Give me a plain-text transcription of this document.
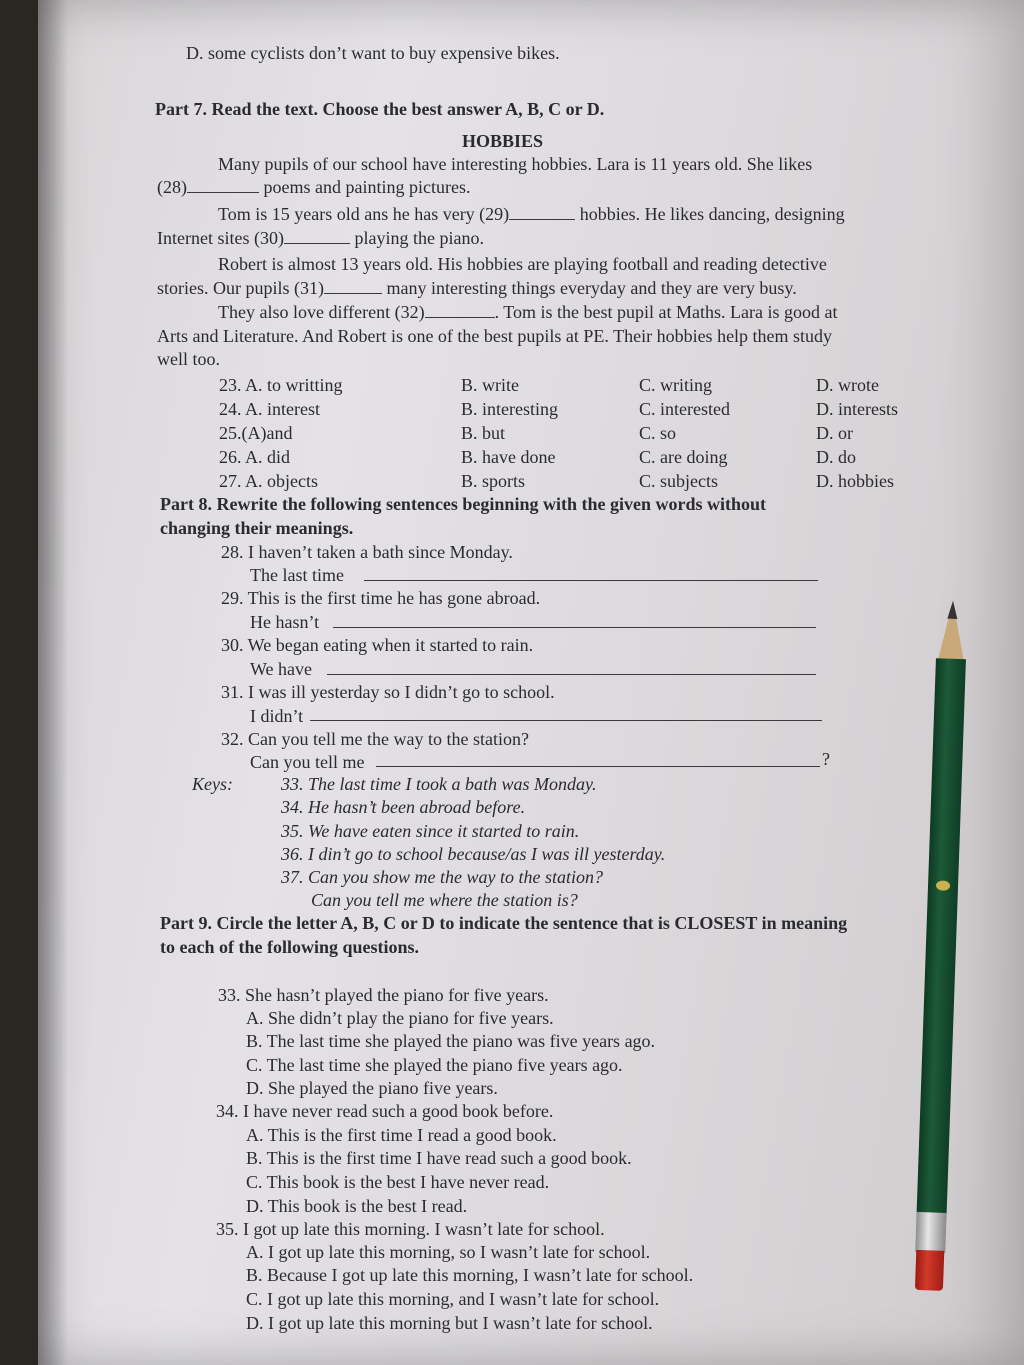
D. some cyclists don’t want to buy expensive bikes.
Part 7. Read the text. Choose the best answer A, B, C or D.
HOBBIES
Many pupils of our school have interesting hobbies. Lara is 11 years old. She likes
(28)	poems and painting pictures.
Tom is 15 years old ans he has very (29)	hobbies. He likes dancing, designing
Internet sites (30)	playing the piano.
Robert is almost 13 years old. His hobbies are playing football and reading detective
stories. Our pupils (31)	many interesting things everyday and they are very busy.
They also love different (32)	. Tom is the best pupil at Maths. Lara is good at
Arts and Literature. And Robert is one of the best pupils at PE. Their hobbies help them study
well too.
23. A. to writting	B. write	C. writing	D. wrote
24. A. interest	B. interesting	C. interested	D. interests
25.(A)and	B. but	C. so	D. or
26. A. did	B. have done	C. are doing	D. do
27. A. objects	B. sports	C. subjects	D. hobbies
Part 8. Rewrite the following sentences beginning with the given words without
changing their meanings.
28. I haven’t taken a bath since Monday.
The last time
29. This is the first time he has gone abroad.
He hasn’t
30. We began eating when it started to rain.
We have
31. I was ill yesterday so I didn’t go to school.
I didn’t
32. Can you tell me the way to the station?
Can you tell me	?
Keys:	33. The last time I took a bath was Monday.
34. He hasn’t been abroad before.
35. We have eaten since it started to rain.
36. I din’t go to school because/as I was ill yesterday.
37. Can you show me the way to the station?
Can you tell me where the station is?
Part 9. Circle the letter A, B, C or D to indicate the sentence that is CLOSEST in meaning
to each of the following questions.
33. She hasn’t played the piano for five years.
A. She didn’t play the piano for five years.
B. The last time she played the piano was five years ago.
C. The last time she played the piano five years ago.
D. She played the piano five years.
34. I have never read such a good book before.
A. This is the first time I read a good book.
B. This is the first time I have read such a good book.
C. This book is the best I have never read.
D. This book is the best I read.
35. I got up late this morning. I wasn’t late for school.
A. I got up late this morning, so I wasn’t late for school.
B. Because I got up late this morning, I wasn’t late for school.
C. I got up late this morning, and I wasn’t late for school.
D. I got up late this morning but I wasn’t late for school.
